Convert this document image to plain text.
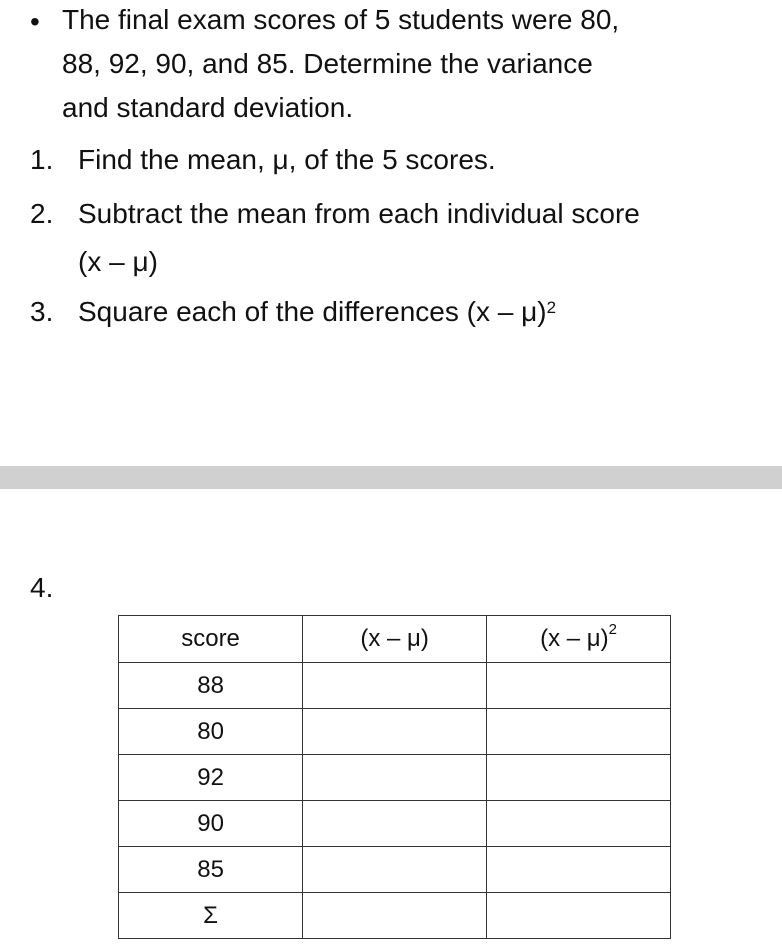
• The final exam scores of 5 students were 80,
88, 92, 90, and 85. Determine the variance
and standard deviation.
1. Find the mean, μ, of the 5 scores.
2. Subtract the mean from each individual score
(x – μ)
3. Square each of the differences (x – μ)$^2$
4.
score	(x – μ)	(x – μ)$^2$
88		
80		
92		
90		
85		
Σ		
